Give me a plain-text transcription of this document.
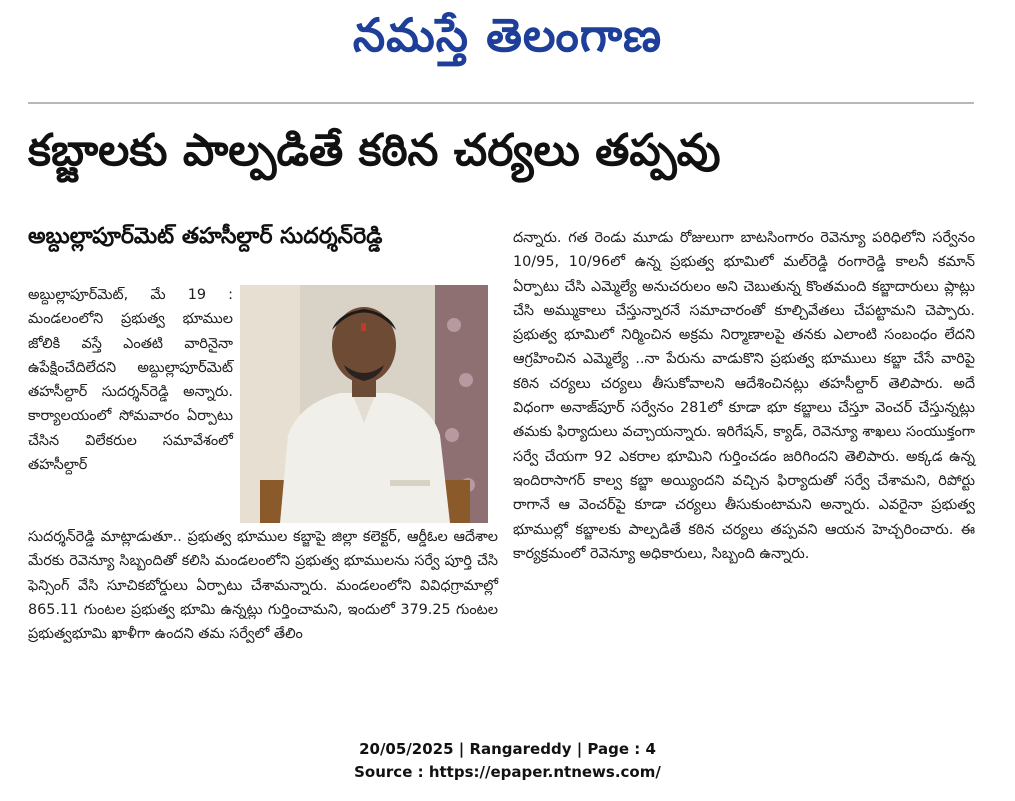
నమస్తే తెలంగాణ
కబ్జాలకు పాల్పడితే కఠిన చర్యలు తప్పవు
అబ్దుల్లాపూర్‌మెట్ తహసీల్దార్ సుదర్శన్‌రెడ్డి

అబ్దుల్లాపూర్‌మెట్, మే 19 : మండలంలోని ప్రభుత్వ భూముల జోలికి వస్తే ఎంతటి వారినైనా ఉపేక్షించేదిలేదని అబ్దుల్లాపూర్‌మెట్ తహసీల్దార్ సుదర్శన్‌రెడ్డి అన్నారు. కార్యాలయంలో సోమవారం ఏర్పాటు చేసిన విలేకరుల సమావేశంలో తహసీల్దార్

సుదర్శన్‌రెడ్డి మాట్లాడుతూ.. ప్రభుత్వ భూముల కబ్జాపై జిల్లా కలెక్టర్, ఆర్డీఓల ఆదేశాల మేరకు రెవెన్యూ సిబ్బందితో కలిసి మండలంలోని ప్రభుత్వ భూములను సర్వే పూర్తి చేసి ఫెన్సింగ్ వేసి సూచికబోర్డులు ఏర్పాటు చేశామన్నారు. మండలంలోని వివిధగ్రామాల్లో 865.11 గుంటల ప్రభుత్వ భూమి ఉన్నట్లు గుర్తించామని, ఇందులో 379.25 గుంటల ప్రభుత్వభూమి ఖాళీగా ఉందని తమ సర్వేలో తేలిం

దన్నారు. గత రెండు మూడు రోజులుగా బాటసింగారం రెవెన్యూ పరిధిలోని సర్వేనం 10/95, 10/96లో ఉన్న ప్రభుత్వ భూమిలో మల్‌రెడ్డి రంగారెడ్డి కాలనీ కమాన్ ఏర్పాటు చేసి ఎమ్మెల్యే అనుచరులం అని చెబుతున్న కొంతమంది కబ్జాదారులు ప్లాట్లు చేసి అమ్ముకాలు చేస్తున్నారనే సమాచారంతో కూల్చివేతలు చేపట్టామని చెప్పారు. ప్రభుత్వ భూమిలో నిర్మించిన అక్రమ నిర్మాణాలపై తనకు ఎలాంటి సంబంధం లేదని ఆగ్రహించిన ఎమ్మెల్యే ..నా పేరును వాడుకొని ప్రభుత్వ భూములు కబ్జా చేసే వారిపై కఠిన చర్యలు చర్యలు తీసుకోవాలని ఆదేశించినట్లు తహసీల్దార్ తెలిపారు. అదే విధంగా అనాజ్‌పూర్ సర్వేనం 281లో కూడా భూ కబ్జాలు చేస్తూ వెంచర్ చేస్తున్నట్లు తమకు ఫిర్యాదులు వచ్చాయన్నారు. ఇరిగేషన్, క్యాడ్, రెవెన్యూ శాఖలు సంయుక్తంగా సర్వే చేయగా 92 ఎకరాల భూమిని గుర్తించడం జరిగిందని తెలిపారు. అక్కడ ఉన్న ఇందిరాసాగర్ కాల్వ కబ్జా అయ్యిందని వచ్చిన ఫిర్యాదుతో సర్వే చేశామని, రిపోర్టు రాగానే ఆ వెంచర్‌పై కూడా చర్యలు తీసుకుంటామని అన్నారు. ఎవరైనా ప్రభుత్వ భూముల్లో కబ్జాలకు పాల్పడితే కఠిన చర్యలు తప్పవని ఆయన హెచ్చరించారు. ఈ కార్యక్రమంలో రెవెన్యూ అధికారులు, సిబ్బంది ఉన్నారు.

20/05/2025 | Rangareddy | Page : 4
Source : https://epaper.ntnews.com/
